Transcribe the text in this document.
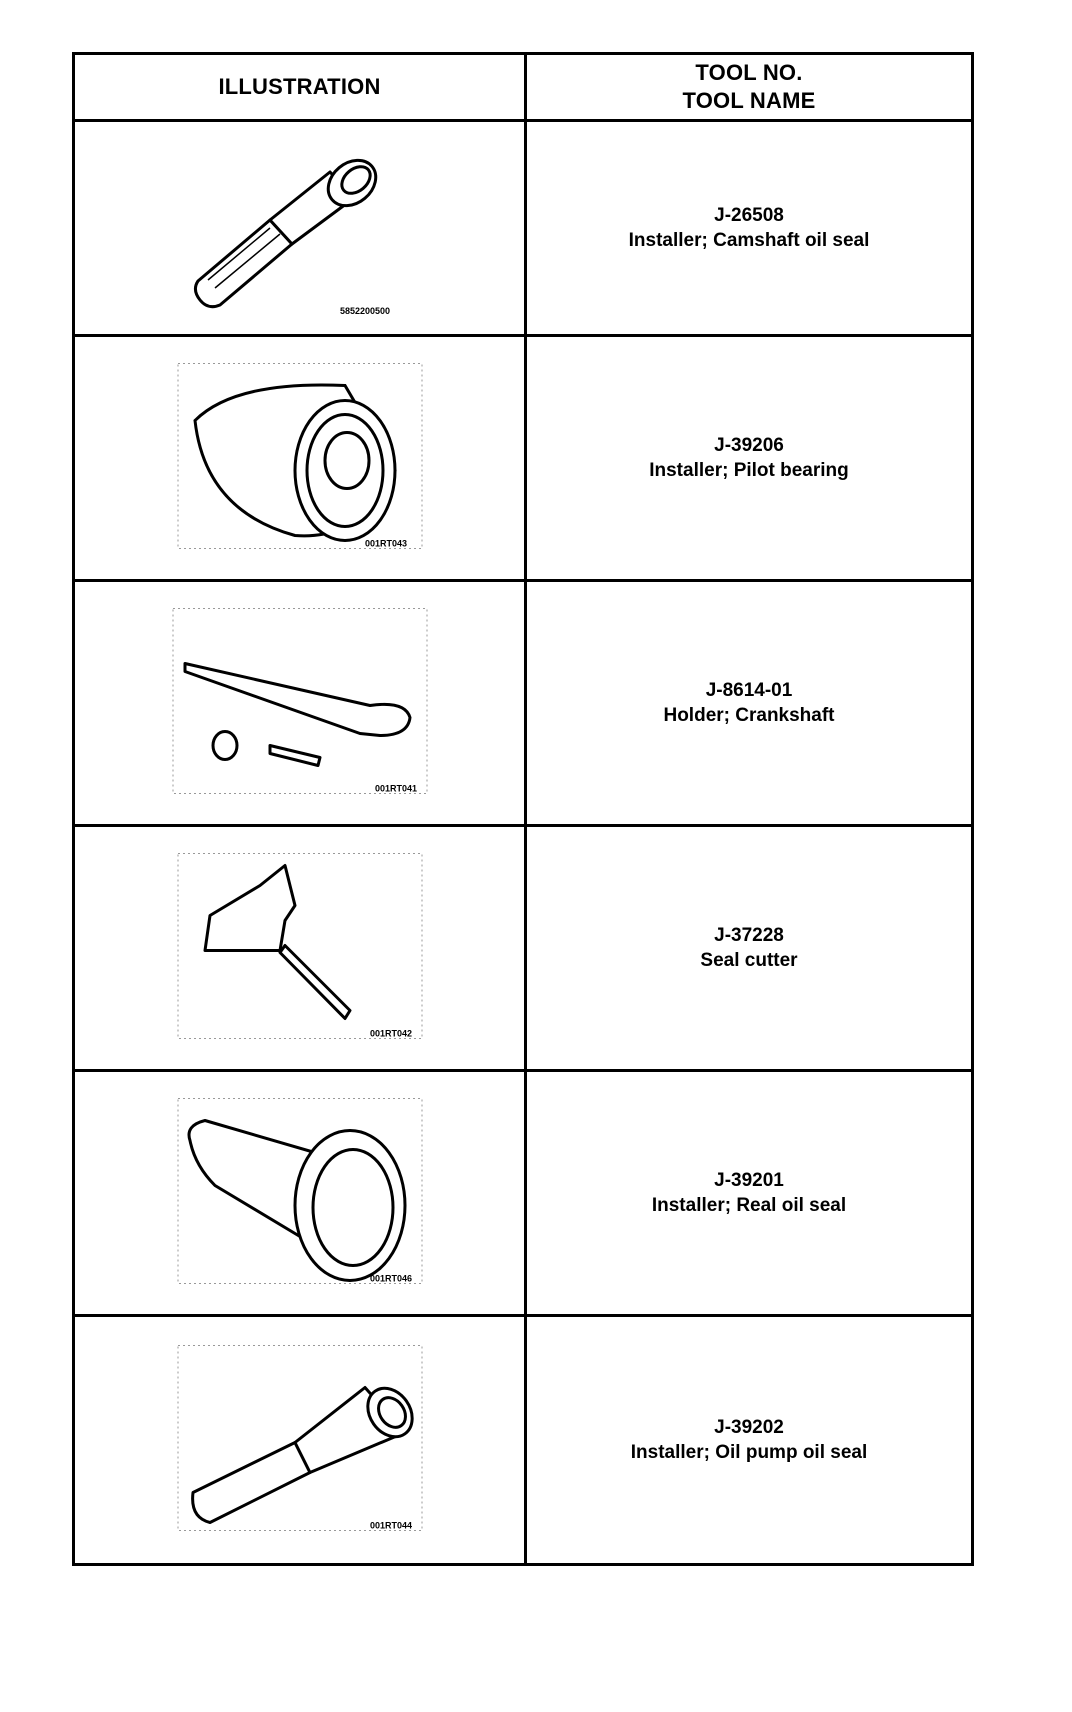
ILLUSTRATION
TOOL NO.
TOOL NAME
5852200500
J-26508
Installer; Camshaft oil seal
001RT043
J-39206
Installer; Pilot bearing
001RT041
J-8614-01
Holder; Crankshaft
001RT042
J-37228
Seal cutter
001RT046
J-39201
Installer; Real oil seal
001RT044
J-39202
Installer; Oil pump oil seal
